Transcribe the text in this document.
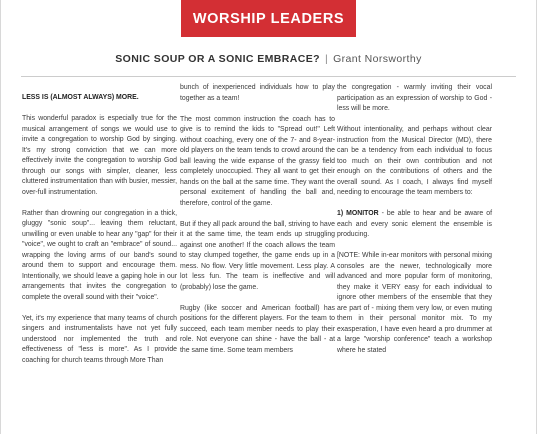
WORSHIP LEADERS
SONIC SOUP OR A SONIC EMBRACE? | Grant Norsworthy

LESS IS (ALMOST ALWAYS) MORE.

This wonderful paradox is especially true for the musical arrangement of songs we would use to invite a congregation to worship God by singing. It's my strong conviction that we can more effectively invite the congregation to worship God through our songs with simpler, cleaner, less cluttered instrumentation than with busier, messier, over-full instrumentation.

Rather than drowning our congregation in a thick, gluggy "sonic soup"... leaving them reluctant, unwilling or even unable to hear any "gap" for their "voice", we ought to craft an "embrace" of sound... wrapping the loving arms of our band's sound around them to support and encourage them. Intentionally, we should leave a gaping hole in our arrangements that invites the congregation to complete the overall sound with their "voice".

Yet, it's my experience that many teams of church singers and instrumentalists have not yet fully understood nor implemented the truth and effectiveness of "less is more". As I provide coaching for church teams through More Than

bunch of inexperienced individuals how to play together as a team!

The most common instruction the coach has to give is to remind the kids to "Spread out!" Left without coaching, every one of the 7- and 8-year-old players on the team tends to crowd around the ball leaving the wide expanse of the grassy field completely unoccupied. They all want to get their hands on the ball at the same time. They want the personal excitement of handling the ball and, therefore, control of the game.

But if they all pack around the ball, striving to have it at the same time, the team ends up struggling against one another! If the coach allows the team to stay clumped together, the game ends up in a mess. No flow. Very little movement. Less play. A lot less fun. The team is ineffective and will (probably) lose the game.

Rugby (like soccer and American football) has positions for the different players. For the team to succeed, each team member needs to play their role. Not everyone can shine - have the ball - at the same time. Some team members

the congregation - warmly inviting their vocal participation as an expression of worship to God - less will be more.

Without intentionality, and perhaps without clear instruction from the Musical Director (MD), there can be a tendency from each individual to focus too much on their own contribution and not enough on the contributions of others and the overall sound. As I coach, I always find myself needing to encourage the team members to:

1) MONITOR - be able to hear and be aware of each and every sonic element the ensemble is producing.

[NOTE: While in-ear monitors with personal mixing consoles are the newer, technologically more advanced and more popular form of monitoring, they make it VERY easy for each individual to ignore other members of the ensemble that they are part of - mixing them very low, or even muting them in their personal monitor mix. To my exasperation, I have even heard a pro drummer at a large "worship conference" teach a workshop where he stated
